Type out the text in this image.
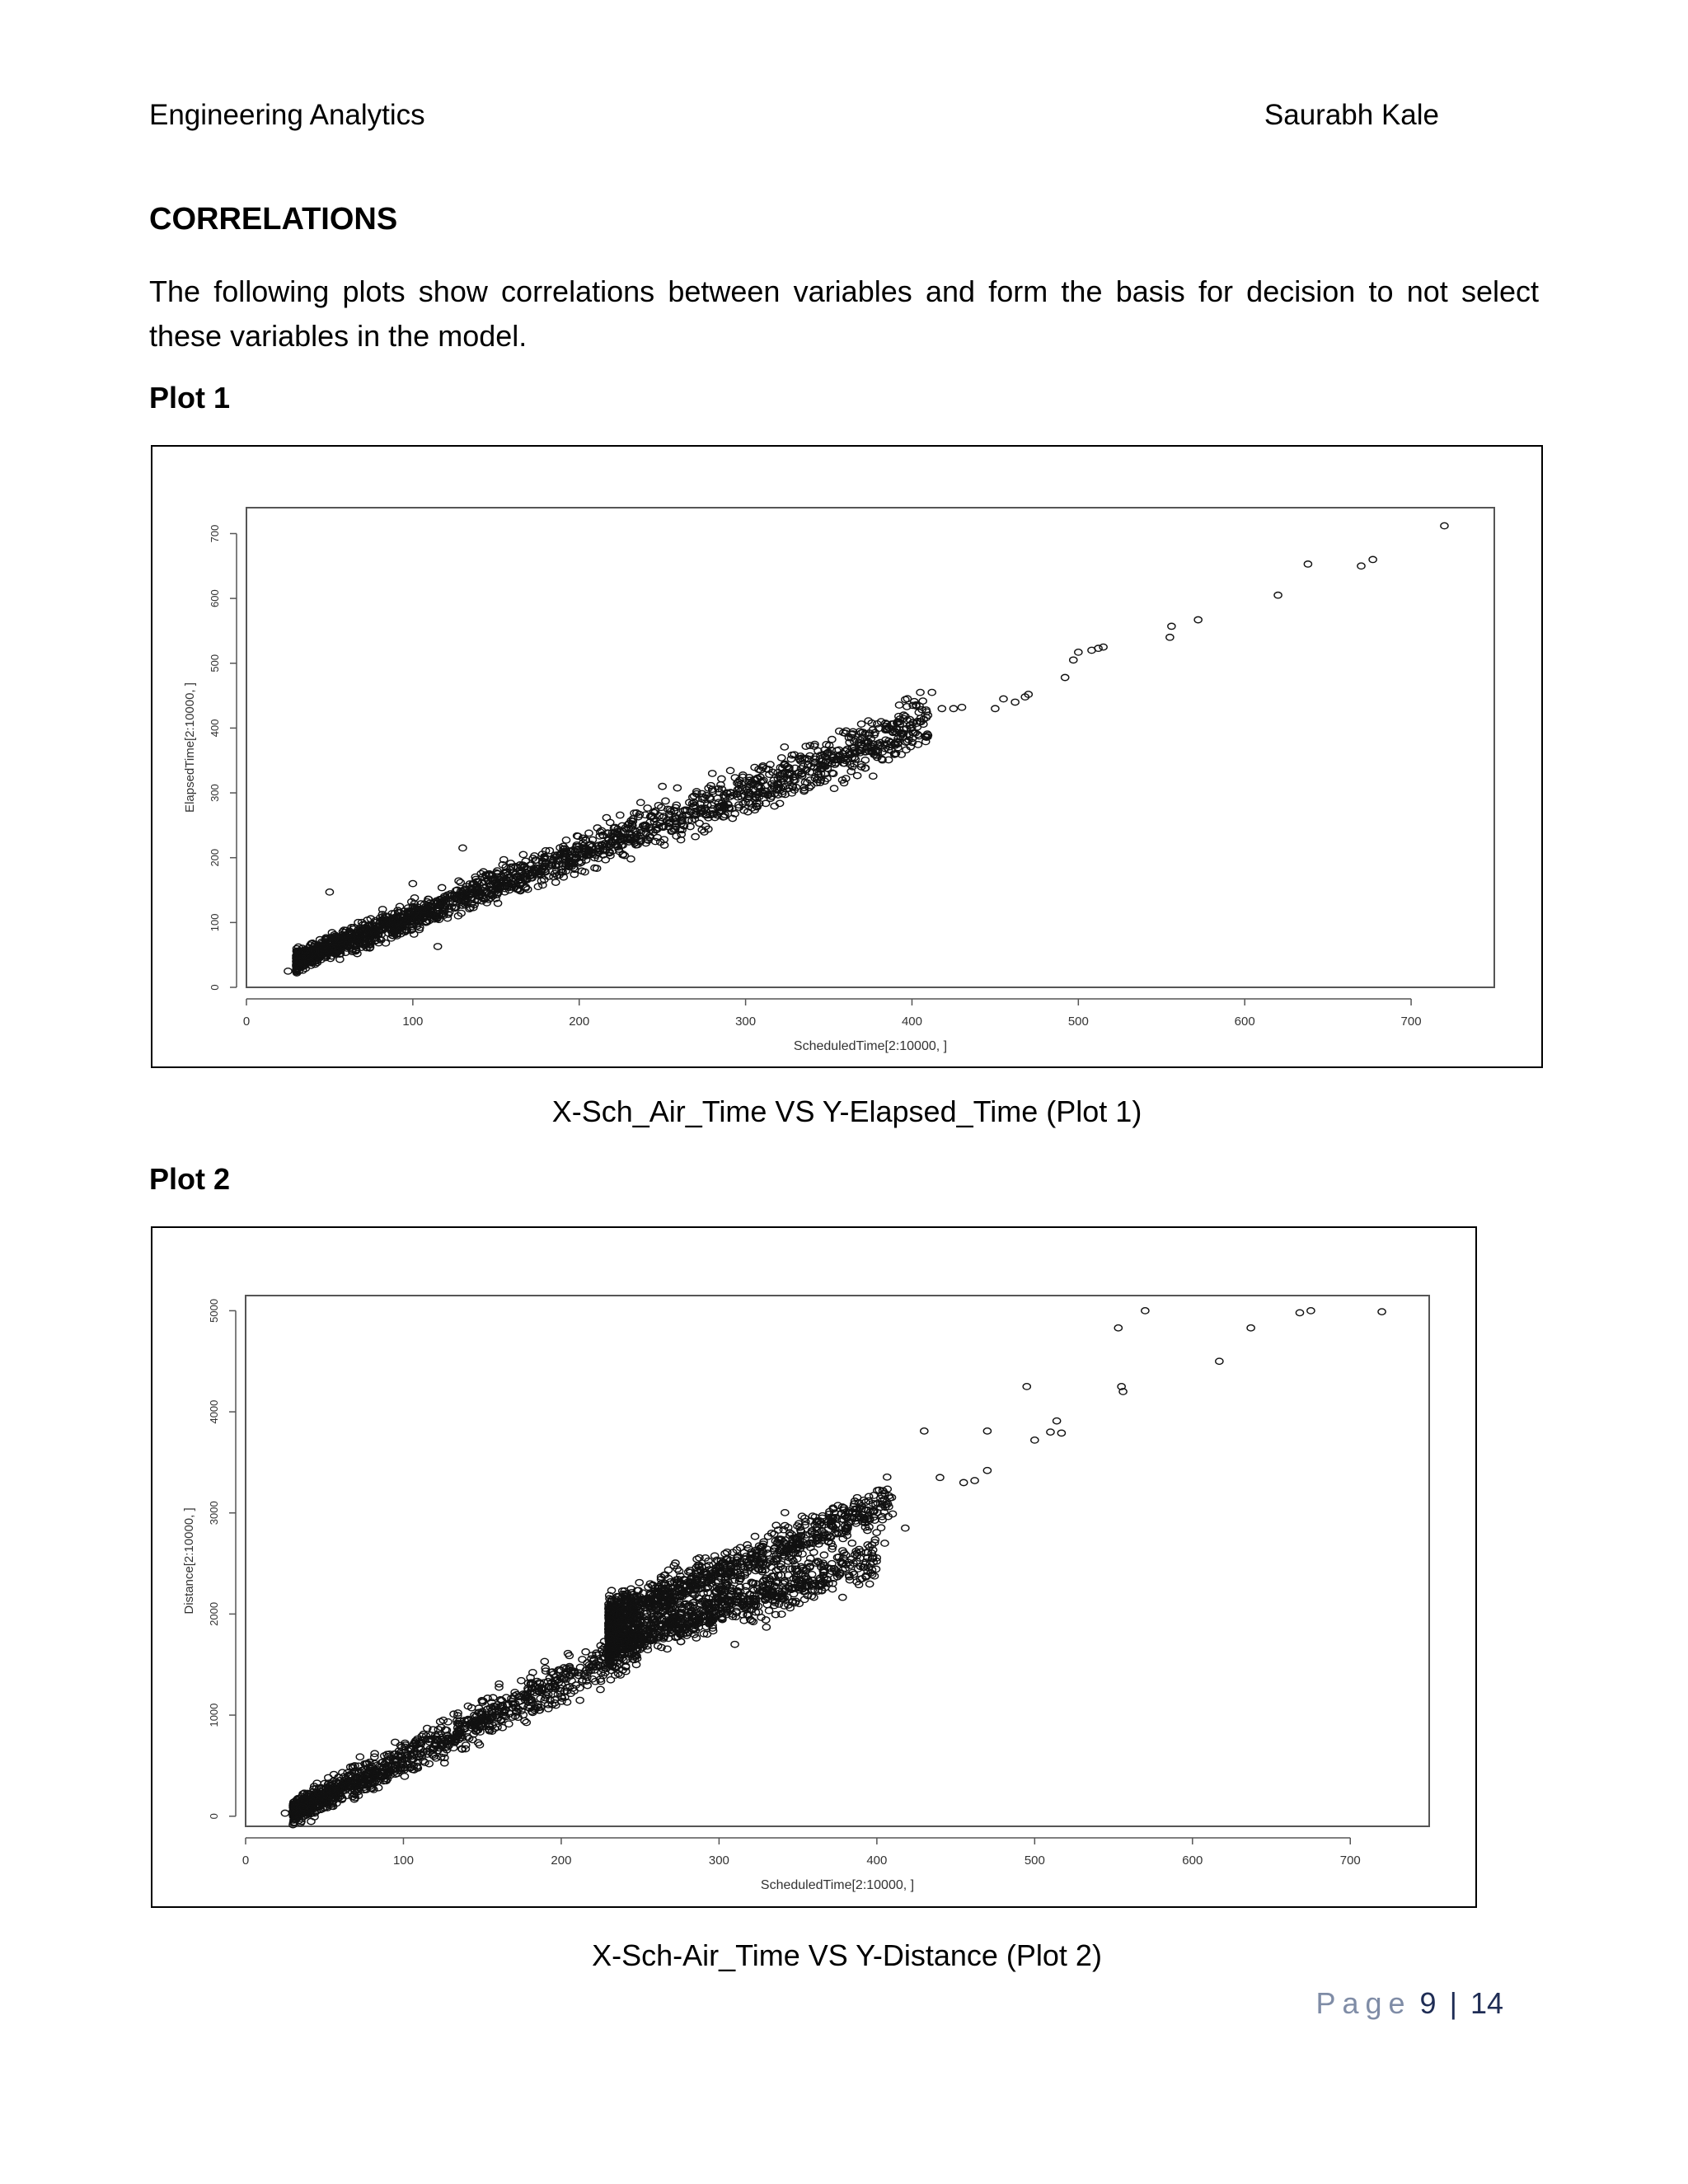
Engineering Analytics	Saurabh Kale
CORRELATIONS
The following plots show correlations between variables and form the basis for decision to not select these variables in the model.
Plot 1
0	100	200	300	400	500	600	700
0
100
200
300
400
500
600
700
ScheduledTime[2:10000, ]
ElapsedTime[2:10000, ]
X-Sch_Air_Time VS Y-Elapsed_Time (Plot 1)
Plot 2
0	100	200	300	400	500	600	700
0
1000
2000
3000
4000
5000
ScheduledTime[2:10000, ]
Distance[2:10000, ]
X-Sch-Air_Time VS Y-Distance (Plot 2)
Page 9 | 14
